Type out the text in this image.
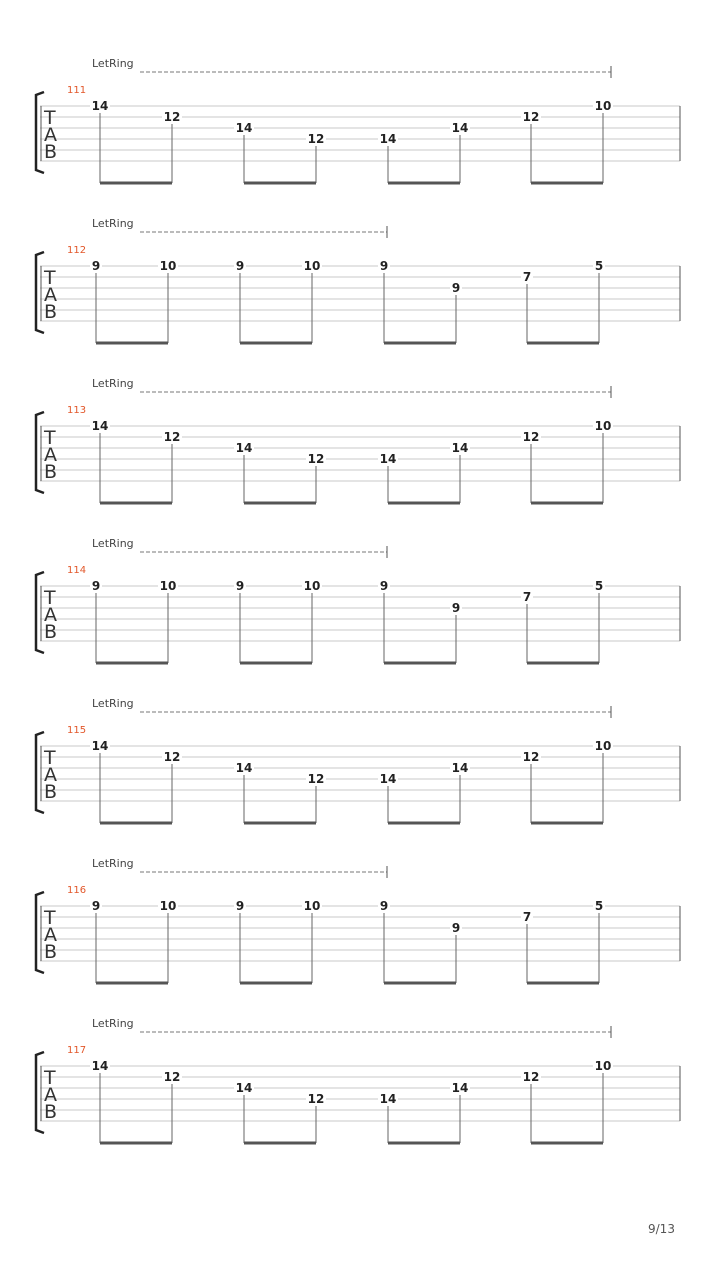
111
LetRing
T
A
B
14
12
14
12	14
14
12
10
112
LetRing
T
A
B
9	10	9	10	9
9
7
5
113
LetRing
T
A
B
14
12
14
12	14
14
12
10
114
LetRing
T
A
B
9	10	9	10	9
9
7
5
115
LetRing
T
A
B
14
12
14
12	14
14
12
10
116
LetRing
T
A
B
9	10	9	10	9
9
7
5
117
LetRing
T
A
B
14
12
14
12	14
14
12
10
9/13
